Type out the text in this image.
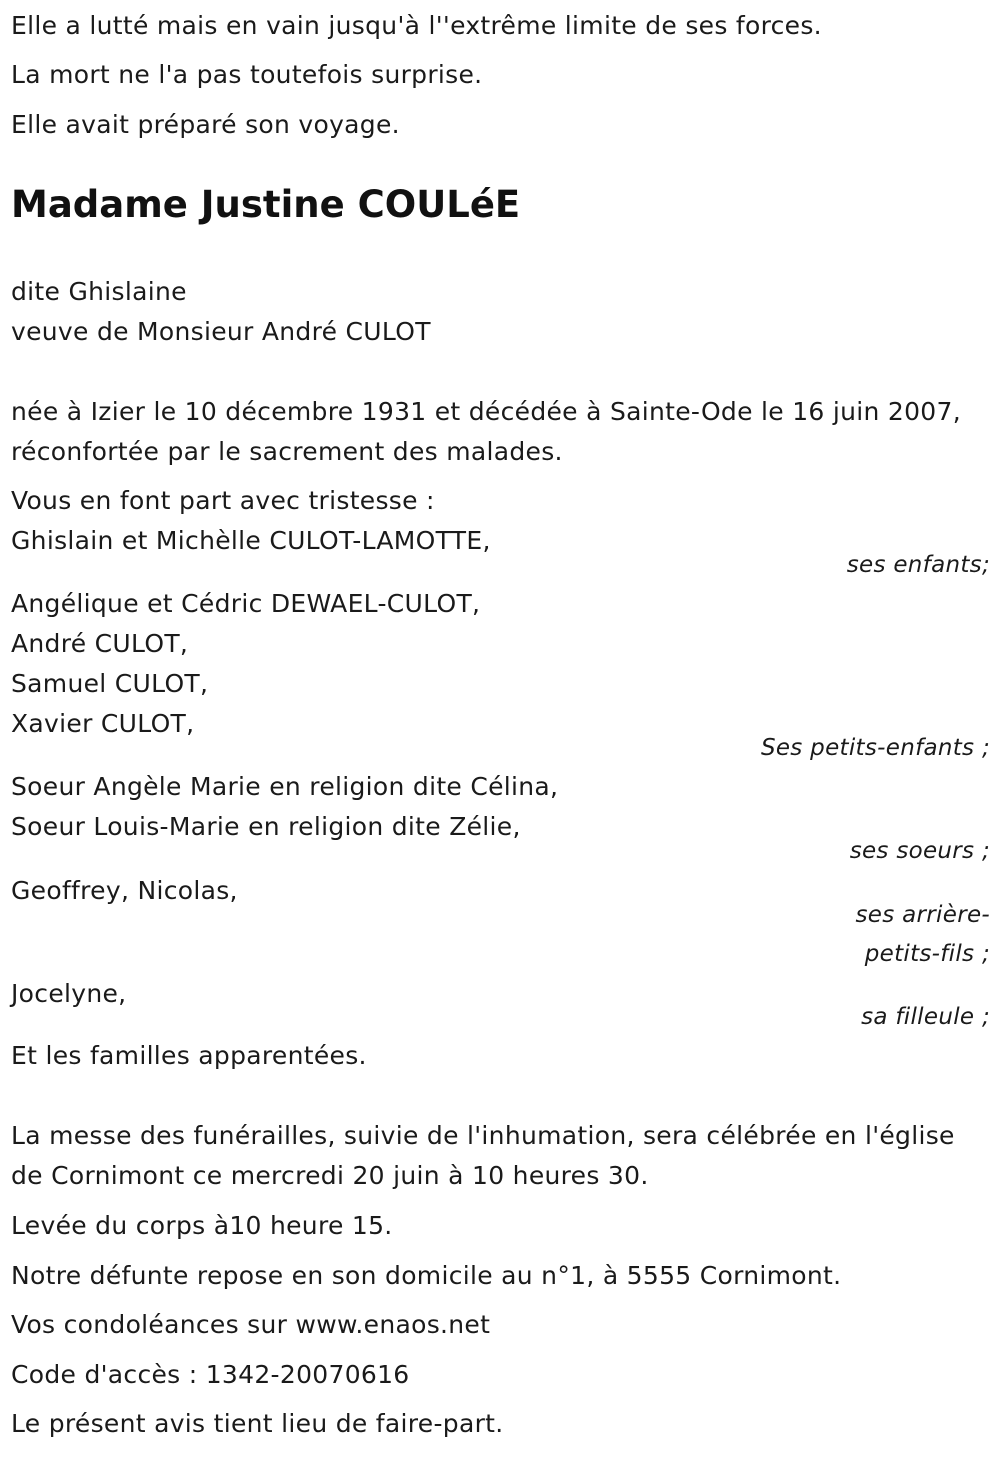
Elle a lutté mais en vain jusqu'à l''extrême limite de ses forces.
La mort ne l'a pas toutefois surprise.
Elle avait préparé son voyage.
Madame Justine COULéE
dite Ghislaine
veuve de Monsieur André CULOT
née à Izier le 10 décembre 1931 et décédée à Sainte-Ode le 16 juin 2007,
réconfortée par le sacrement des malades.
Vous en font part avec tristesse :
Ghislain et Michèlle CULOT-LAMOTTE,
ses enfants;
Angélique et Cédric DEWAEL-CULOT,
André CULOT,
Samuel CULOT,
Xavier CULOT,
Ses petits-enfants ;
Soeur Angèle Marie en religion dite Célina,
Soeur Louis-Marie en religion dite Zélie,
ses soeurs ;
Geoffrey, Nicolas,
ses arrière-petits-fils ;
Jocelyne,
sa filleule ;
Et les familles apparentées.
La messe des funérailles, suivie de l'inhumation, sera célébrée en l'église
de Cornimont ce mercredi 20 juin à 10 heures 30.
Levée du corps à10 heure 15.
Notre défunte repose en son domicile au n°1, à 5555 Cornimont.
Vos condoléances sur www.enaos.net
Code d'accès : 1342-20070616
Le présent avis tient lieu de faire-part.
